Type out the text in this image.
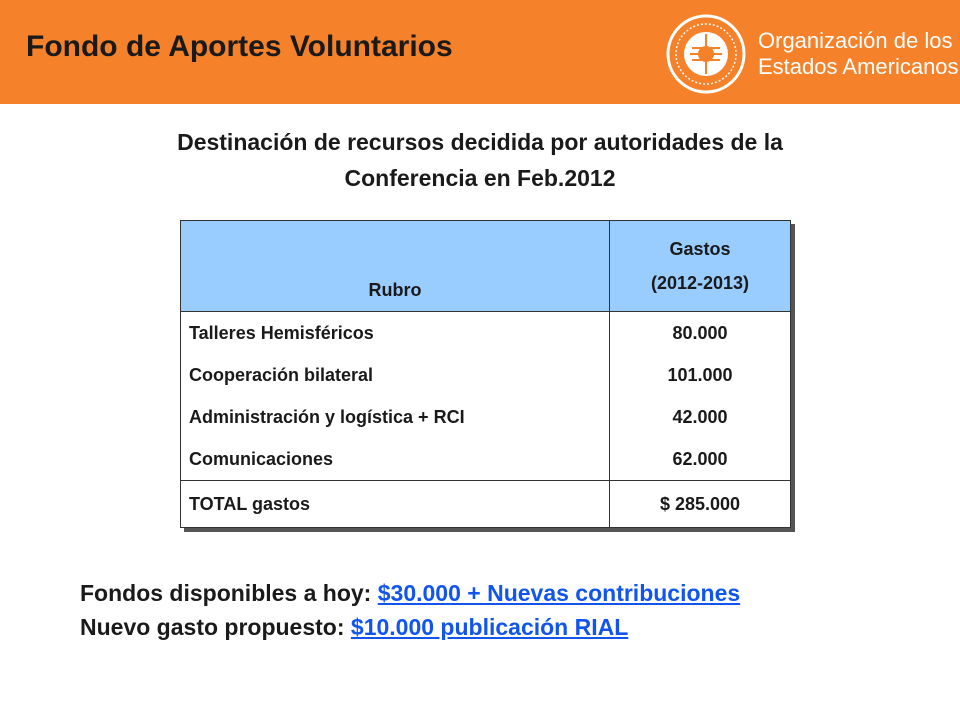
Fondo de Aportes Voluntarios	Organización de los
Estados Americanos
Destinación de recursos decidida por autoridades de la
Conferencia en Feb.2012
Rubro	Gastos
(2012-2013)

Talleres Hemisféricos	80.000
Cooperación bilateral	101.000
Administración y logística + RCI	42.000
Comunicaciones	62.000
TOTAL gastos	$ 285.000
Fondos disponibles a hoy: $30.000 + Nuevas contribuciones
Nuevo gasto propuesto: $10.000 publicación RIAL
